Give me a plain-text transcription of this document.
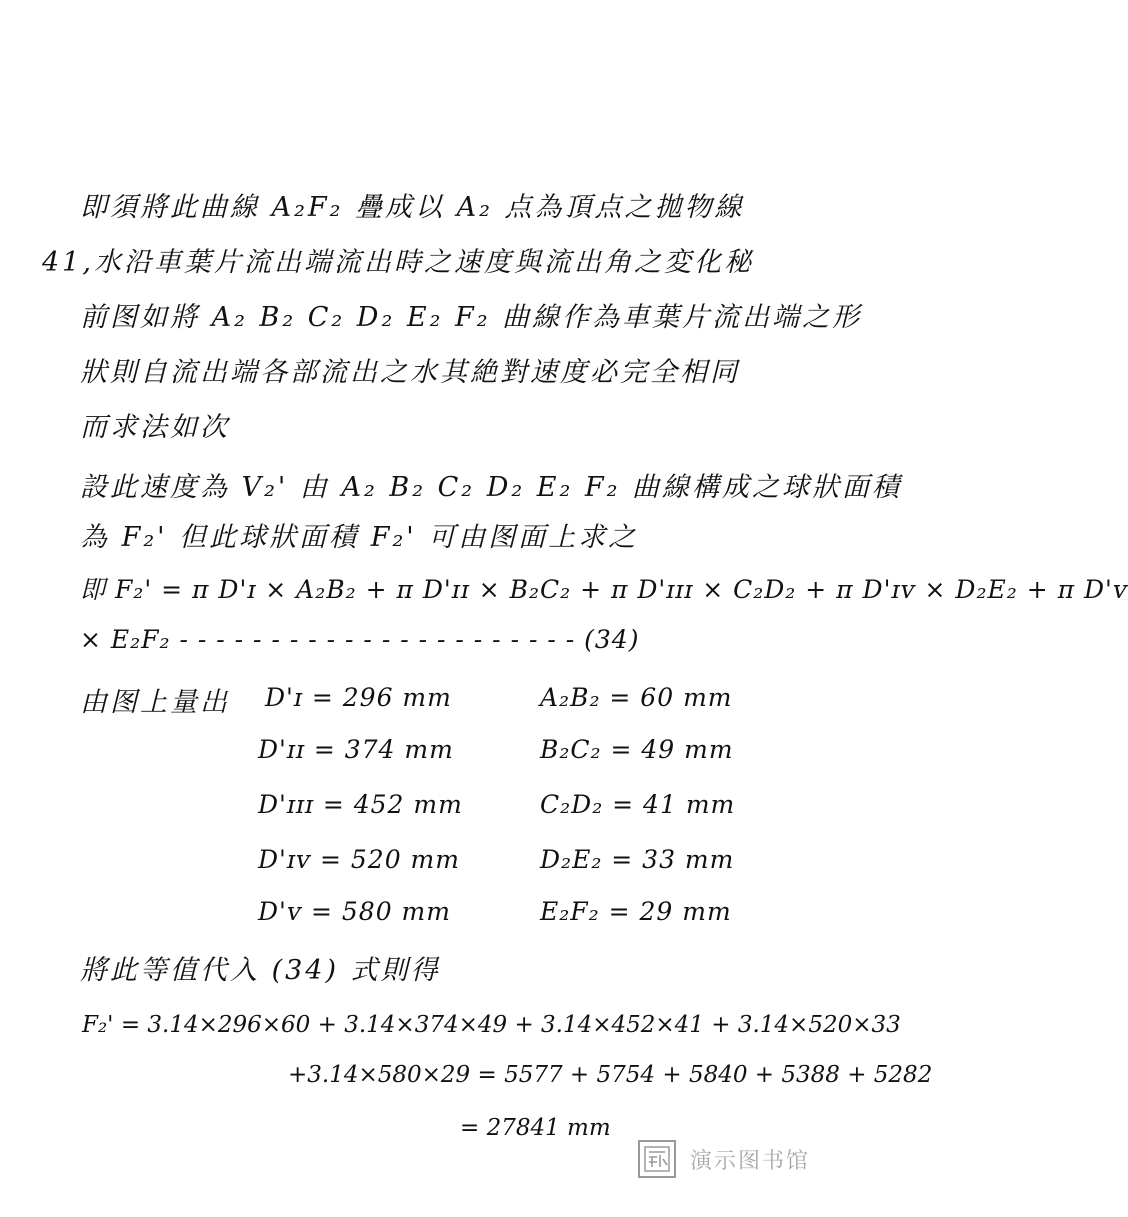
即須將此曲線 A₂F₂ 疊成以 A₂ 点為頂点之拋物線
41,水沿車葉片流出端流出時之速度與流出角之変化秘
前图如將 A₂ B₂ C₂ D₂ E₂ F₂ 曲線作為車葉片流出端之形
狀則自流出端各部流出之水其絶對速度必完全相同
而求法如次
設此速度為 V₂' 由 A₂ B₂ C₂ D₂ E₂ F₂ 曲線構成之球狀面積
為 F₂' 但此球狀面積 F₂' 可由图面上求之
即 F₂' = π D'ɪ × A₂B₂ + π D'ɪɪ × B₂C₂ + π D'ɪɪɪ × C₂D₂ + π D'ɪᴠ × D₂E₂ + π D'ᴠ
× E₂F₂ - - - - - - - - - - - - - - - - - - - - - - (34)
由图上量出 D'ɪ = 296 mm
D'ɪɪ = 374 mm
D'ɪɪɪ = 452 mm
D'ɪᴠ = 520 mm
D'ᴠ = 580 mm
A₂B₂ = 60 mm
B₂C₂ = 49 mm
C₂D₂ = 41 mm
D₂E₂ = 33 mm
E₂F₂ = 29 mm
將此等值代入 (34) 式則得
F₂' = 3.14×296×60 + 3.14×374×49 + 3.14×452×41 + 3.14×520×33
+3.14×580×29 = 5577 + 5754 + 5840 + 5388 + 5282
= 27841 mm
演示图书馆
